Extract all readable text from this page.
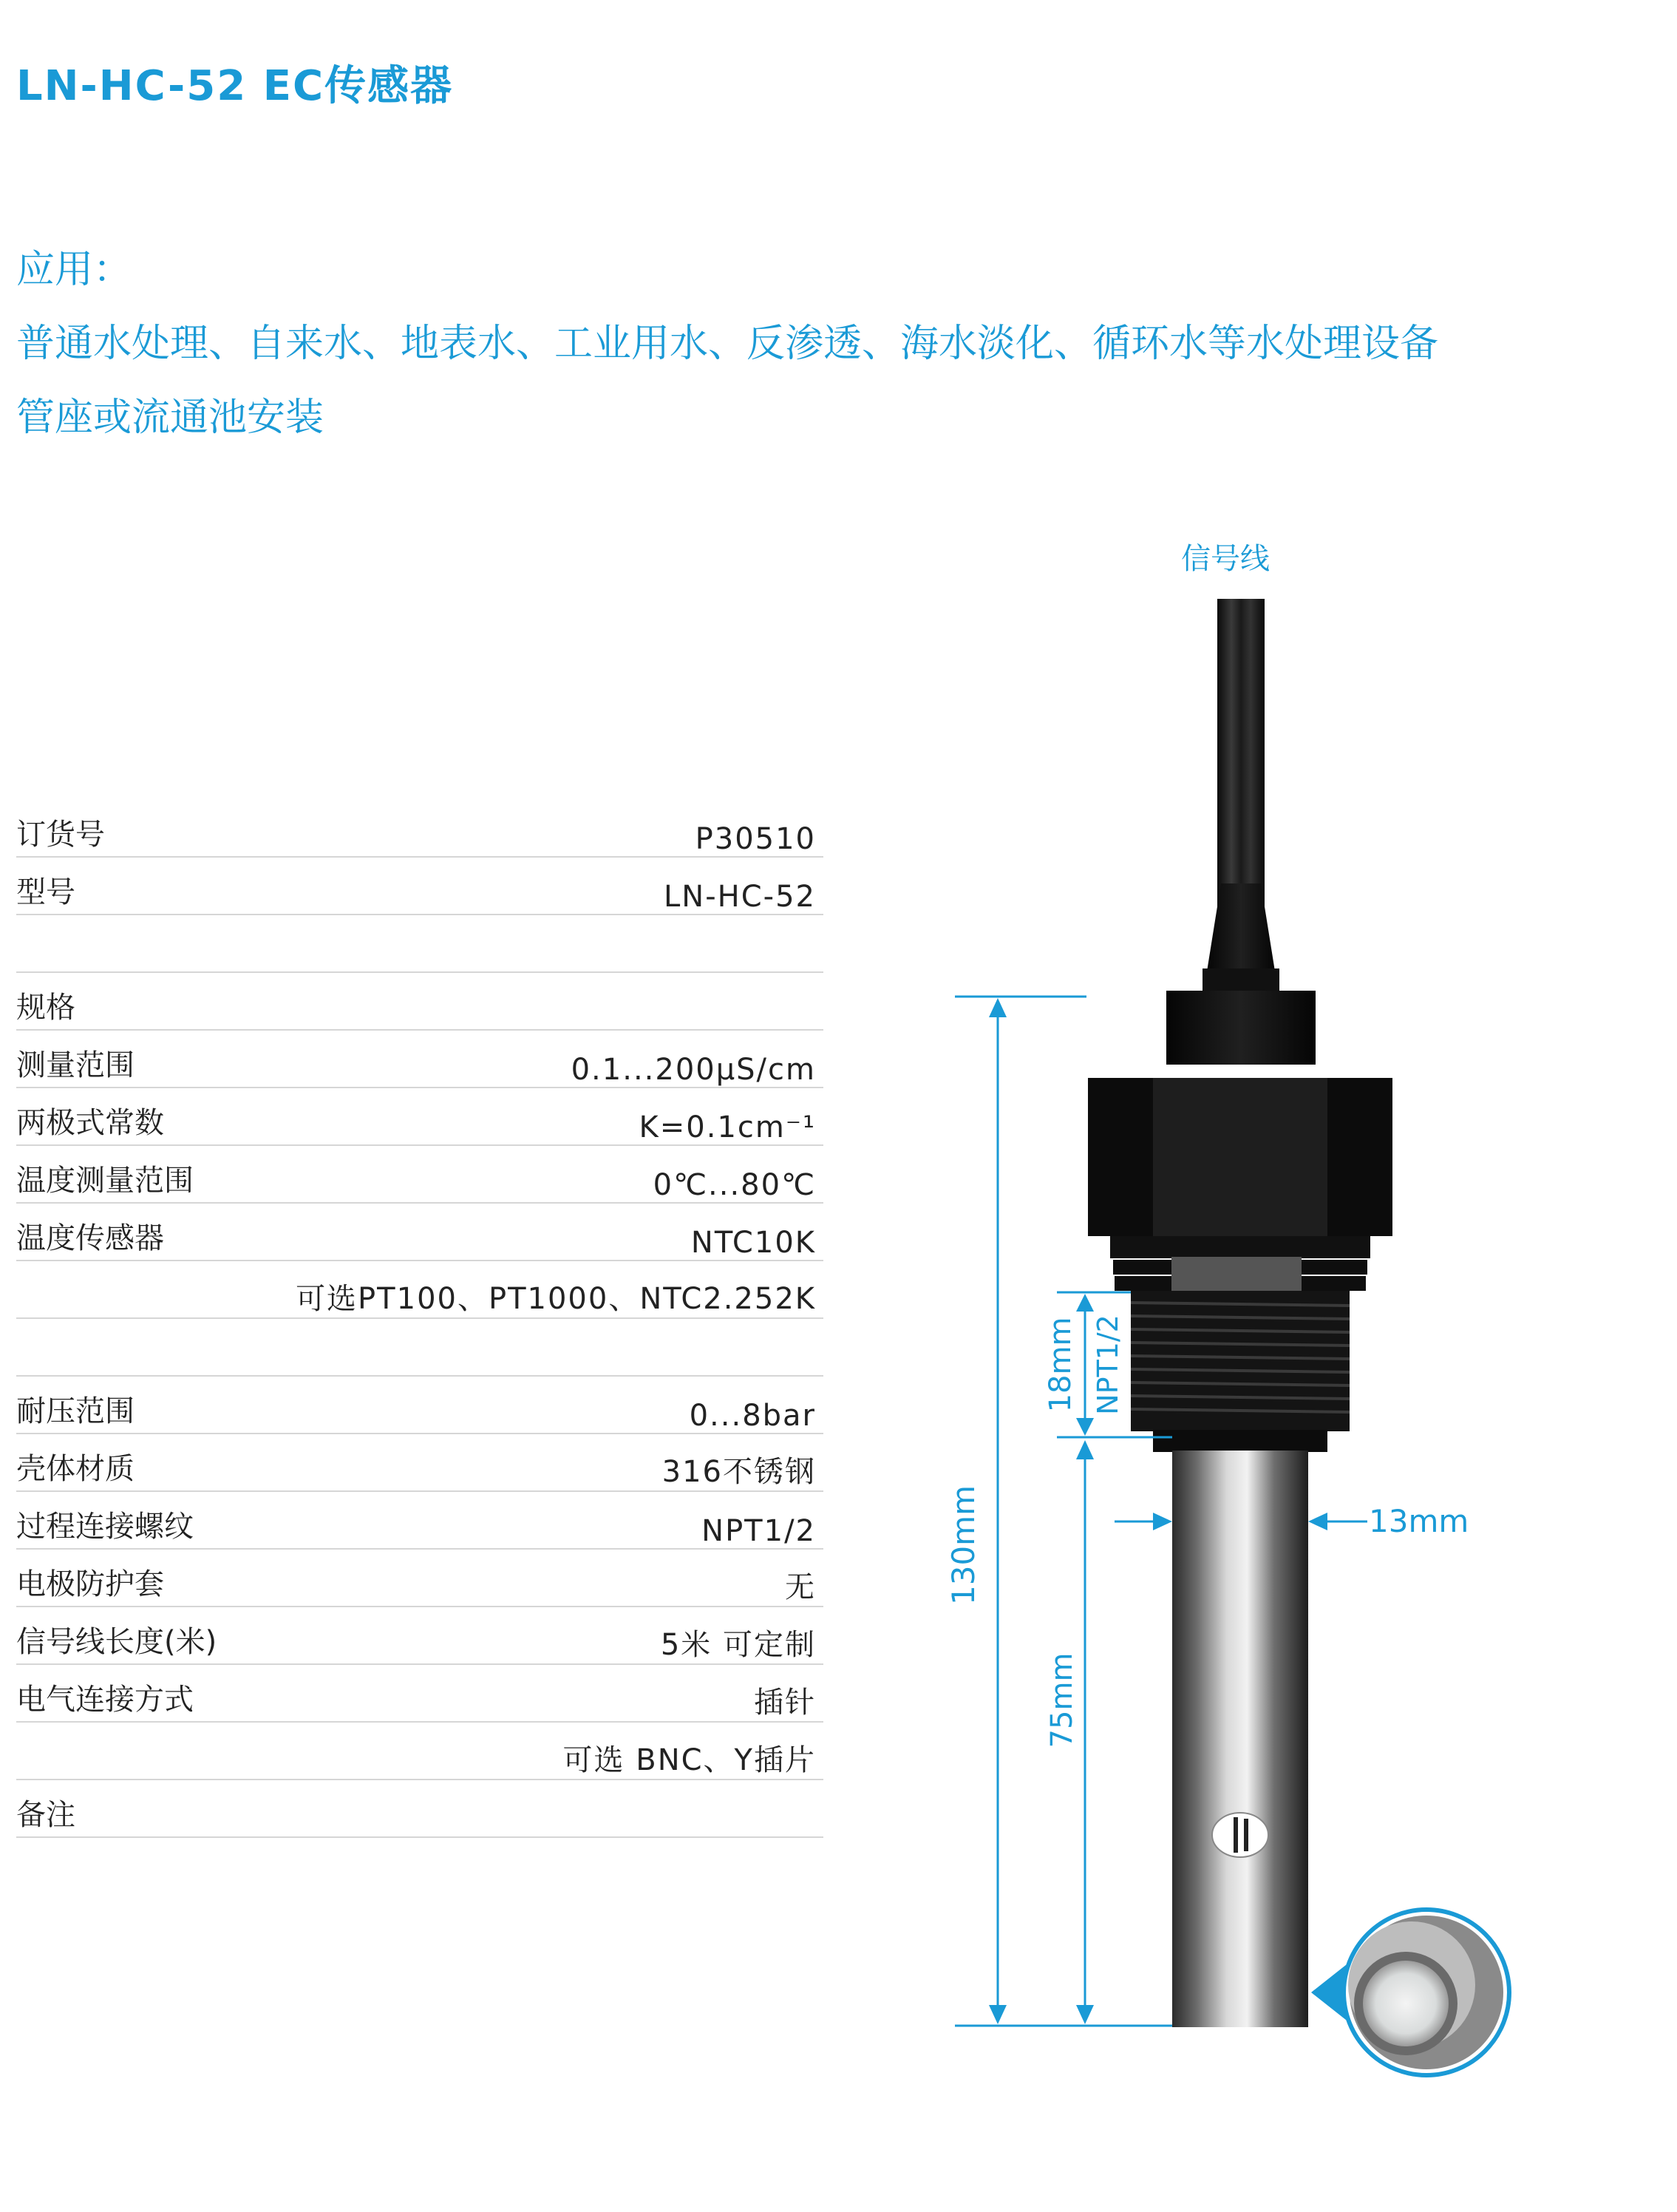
LN-HC-52 EC传感器
应用：
普通水处理、自来水、地表水、工业用水、反渗透、海水淡化、循环水等水处理设备
管座或流通池安装
订货号	P30510
型号	LN-HC-52
规格
测量范围	0.1...200μS/cm
两极式常数	K=0.1cm⁻¹
温度测量范围	0℃...80℃
温度传感器	NTC10K
可选PT100、PT1000、NTC2.252K
耐压范围	0...8bar
壳体材质	316不锈钢
过程连接螺纹	NPT1/2
电极防护套	无
信号线长度(米)	5米 可定制
电气连接方式	插针
可选 BNC、Y插片
备注
信号线
130mm
18mm NPT1/2
75mm
13mm
